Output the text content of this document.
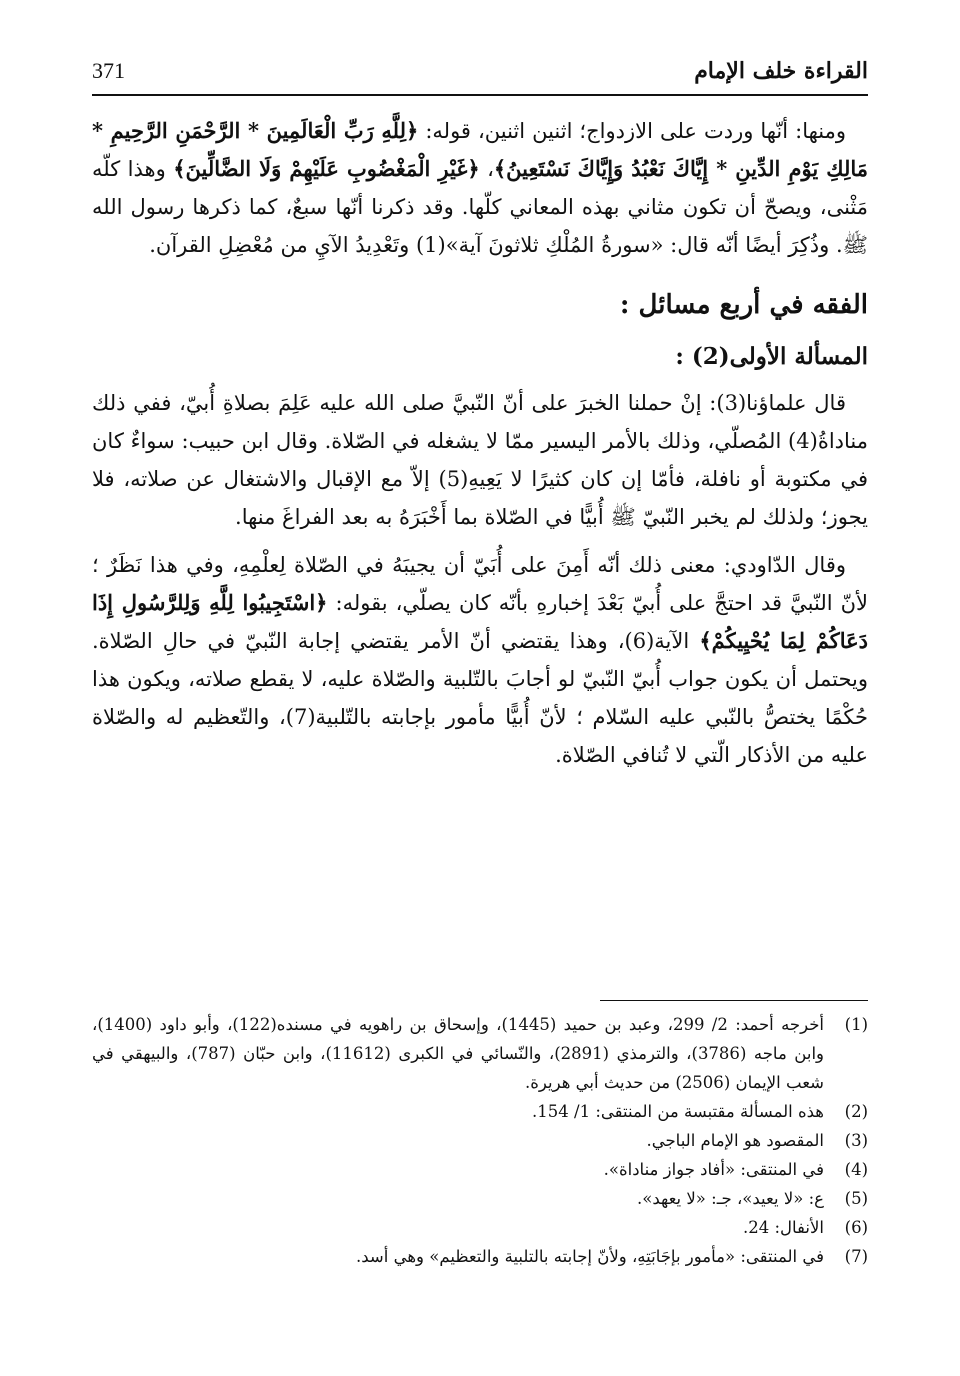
القراءة خلف الإمام
371

ومنها: أنّها وردت على الازدواج؛ اثنين اثنين، قوله: ﴿لِلَّهِ رَبِّ الْعَالَمِينَ * الرَّحْمَنِ الرَّحِيمِ * مَالِكِ يَوْمِ الدِّينِ * إِيَّاكَ نَعْبُدُ وَإِيَّاكَ نَسْتَعِينُ﴾، ﴿غَيْرِ الْمَغْضُوبِ عَلَيْهِمْ وَلَا الضَّالِّينَ﴾ وهذا كلّه مَثْنى، ويصحّ أن تكون مثاني بهذه المعاني كلّها. وقد ذكرنا أنّها سبعٌ، كما ذكرها رسول الله ﷺ. وذُكِرَ أيضًا أنّه قال: «سورةُ المُلْكِ ثلاثونَ آية»(1) وتَعْدِيدُ الآيِ من مُعْضِلِ القرآن.

الفقه في أربع مسائل :
المسألة الأولى(2) :

قال علماؤنا(3): إنْ حملنا الخبرَ على أنّ النّبيَّ صلى الله عليه عَلِمَ بصلاةِ أُبيّ، ففي ذلك مناداةُ(4) المُصلّي، وذلك بالأمر اليسير ممّا لا يشغله في الصّلاة. وقال ابن حبيب: سواءٌ كان في مكتوبة أو نافلة، فأمّا إن كان كثيرًا لا يَعِيهِ(5) إلاّ مع الإقبال والاشتغال عن صلاته، فلا يجوز؛ ولذلك لم يخبر النّبيّ ﷺ أُبيًّا في الصّلاة بما أَخْبَرَهُ به بعد الفراغَ منها.

وقال الدّاودي: معنى ذلك أنّه أَمِنَ على أُبَيّ أن يجيبَهُ في الصّلاة لِعلْمِهِ، وفي هذا نَظَرٌ ؛ لأنّ النّبيَّ قد احتجَّ على أُبيّ بَعْدَ إخبارهِ بأنّه كان يصلّي، بقوله: ﴿اسْتَجِيبُوا لِلَّهِ وَلِلرَّسُولِ إِذَا دَعَاكُمْ لِمَا يُحْيِيكُمْ﴾ الآية(6)، وهذا يقتضي أنّ الأمر يقتضي إجابة النّبيّ في حالِ الصّلاة. ويحتمل أن يكون جواب أُبيّ النّبيّ لو أجابَ بالتّلبية والصّلاة عليه، لا يقطع صلاته، ويكون هذا حُكْمًا يختصُّ بالنّبي عليه السّلام ؛ لأنّ أُبيًّا مأمور بإجابته بالتّلبية(7)، والتّعظيم له والصّلاة عليه من الأذكار الّتي لا تُنافي الصّلاة.

(1)
أخرجه أحمد: 2/ 299، وعبد بن حميد (1445)، وإسحاق بن راهويه في مسنده(122)، وأبو داود (1400)، وابن ماجه (3786)، والترمذي (2891)، والنّسائي في الكبرى (11612)، وابن حبّان (787)، والبيهقي في شعب الإيمان (2506) من حديث أبي هريرة.
(2)
هذه المسألة مقتبسة من المنتقى: 1/ 154.
(3)
المقصود هو الإمام الباجي.
(4)
في المنتقى: «أفاد جواز مناداة».
(5)
ع: «لا يعيد»، جـ: «لا يعهد».
(6)
الأنفال: 24.
(7)
في المنتقى: «مأمور بإجَابَتِهِ، ولأنّ إجابته بالتلبية والتعظيم» وهي أسد.
